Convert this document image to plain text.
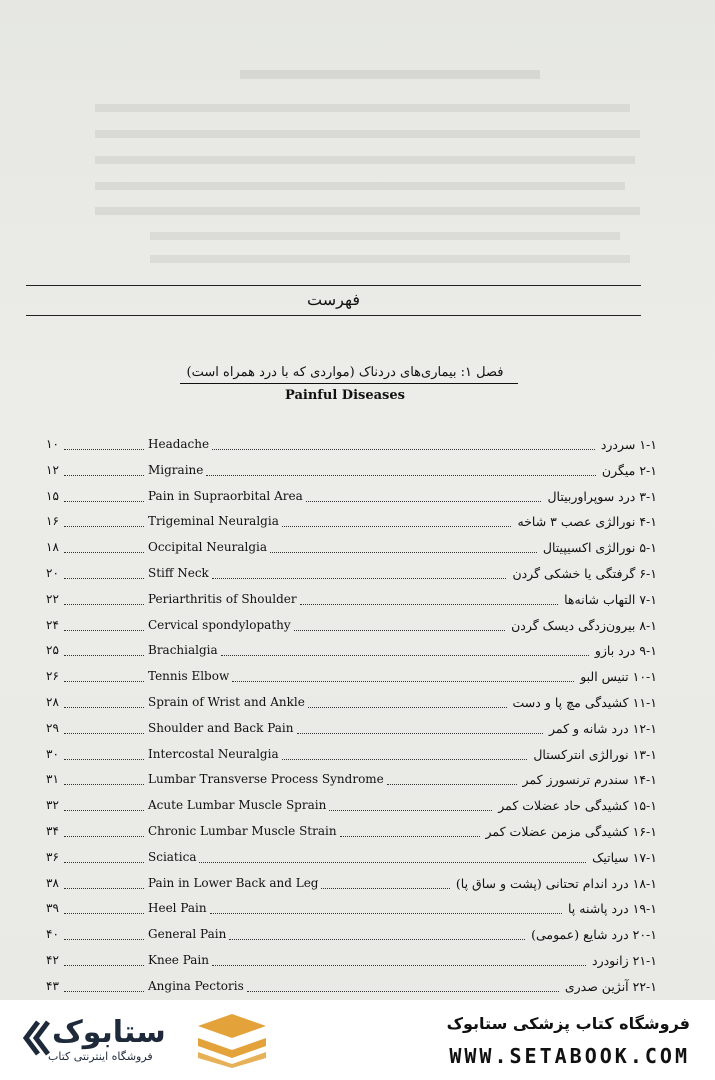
فهرست
فصل ۱: بیماری‌های دردناک (مواردی که با درد همراه است)
Painful Diseases
۱۰	Headache	۱-۱ سردرد
۱۲	Migraine	۲-۱ میگرن
۱۵	Pain in Supraorbital Area	۳-۱ درد سوپراوربیتال
۱۶	Trigeminal Neuralgia	۴-۱ نورالژی عصب ۳ شاخه
۱۸	Occipital Neuralgia	۵-۱ نورالژی اکسیپیتال
۲۰	Stiff Neck	۶-۱ گرفتگی یا خشکی گردن
۲۲	Periarthritis of Shoulder	۷-۱ التهاب شانه‌ها
۲۴	Cervical spondylopathy	۸-۱ بیرون‌زدگی دیسک گردن
۲۵	Brachialgia	۹-۱ درد بازو
۲۶	Tennis Elbow	۱۰-۱ تنیس البو
۲۸	Sprain of Wrist and Ankle	۱۱-۱ کشیدگی مچ پا و دست
۲۹	Shoulder and Back Pain	۱۲-۱ درد شانه و کمر
۳۰	Intercostal Neuralgia	۱۳-۱ نورالژی انترکستال
۳۱	Lumbar Transverse Process Syndrome	۱۴-۱ سندرم ترنسورز کمر
۳۲	Acute Lumbar Muscle Sprain	۱۵-۱ کشیدگی حاد عضلات کمر
۳۴	Chronic Lumbar Muscle Strain	۱۶-۱ کشیدگی مزمن عضلات کمر
۳۶	Sciatica	۱۷-۱ سیاتیک
۳۸	Pain in Lower Back and Leg	۱۸-۱ درد اندام تحتانی (پشت و ساق پا)
۳۹	Heel Pain	۱۹-۱ درد پاشنه پا
۴۰	General Pain	۲۰-۱ درد شایع (عمومی)
۴۲	Knee Pain	۲۱-۱ زانودرد
۴۳	Angina Pectoris	۲۲-۱ آنژین صدری
ستابوک
فروشگاه اینترنتی کتاب
فروشگاه کتاب پزشکی ستابوک
WWW.SETABOOK.COM
